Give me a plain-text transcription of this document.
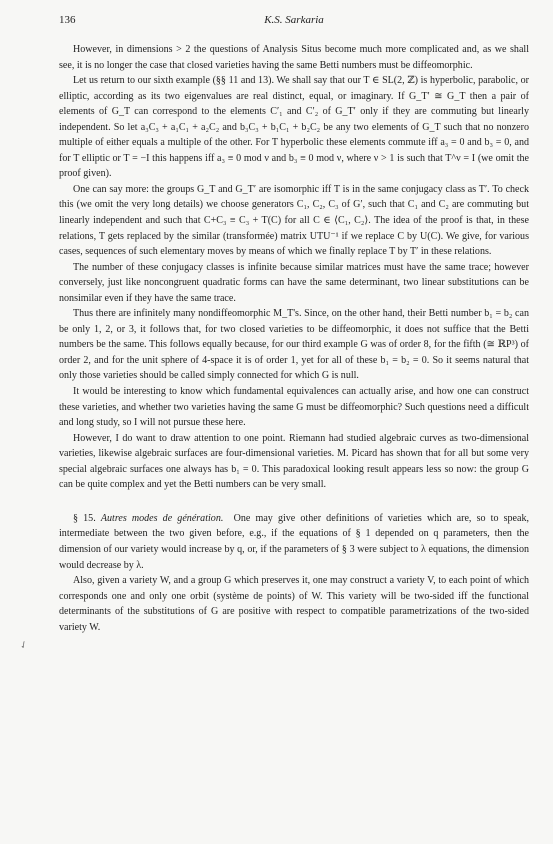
136	K.S. Sarkaria

However, in dimensions > 2 the questions of Analysis Situs become much more complicated and, as we shall see, it is no longer the case that closed varieties having the same Betti numbers must be diffeomorphic.

Let us return to our sixth example (§§ 11 and 13). We shall say that our T ∈ SL(2, ℤ) is hyperbolic, parabolic, or elliptic, according as its two eigenvalues are real distinct, equal, or imaginary. If G_T′ ≅ G_T then a pair of elements of G_T can correspond to the elements C′₁ and C′₂ of G_T′ only if they are commuting but linearly independent. So let a₃C₃ + a₁C₁ + a₂C₂ and b₃C₃ + b₁C₁ + b₂C₂ be any two elements of G_T such that no nonzero multiple of either equals a multiple of the other. For T hyperbolic these elements commute iff a₃ = 0 and b₃ = 0, and for T elliptic or T = −I this happens iff a₃ ≡ 0 mod ν and b₃ ≡ 0 mod ν, where ν > 1 is such that T^ν = I (we omit the proof given).

One can say more: the groups G_T and G_T′ are isomorphic iff T is in the same conjugacy class as T′. To check this (we omit the very long details) we choose generators C₁, C₂, C₃ of G′, such that C₁ and C₂ are commuting but linearly independent and such that C+C₃ ≡ C₃ + T(C) for all C ∈ ⟨C₁, C₂⟩. The idea of the proof is that, in these relations, T gets replaced by the similar (transformée) matrix UTU⁻¹ if we replace C by U(C). We give, for various cases, sequences of such elementary moves by means of which we finally replace T by T′ in these relations.

The number of these conjugacy classes is infinite because similar matrices must have the same trace; however conversely, just like noncongruent quadratic forms can have the same determinant, two linear substitutions can be nonsimilar even if they have the same trace.

Thus there are infinitely many nondiffeomorphic M_T's. Since, on the other hand, their Betti number b₁ = b₂ can be only 1, 2, or 3, it follows that, for two closed varieties to be diffeomorphic, it does not suffice that the Betti numbers be the same. This follows equally because, for our third example G was of order 8, for the fifth (≅ ℝP³) of order 2, and for the unit sphere of 4-space it is of order 1, yet for all of these b₁ = b₂ = 0. So it seems natural that only those varieties should be called simply connected for which G is null.

It would be interesting to know which fundamental equivalences can actually arise, and how one can construct these varieties, and whether two varieties having the same G must be diffeomorphic? Such questions need a difficult and long study, so I will not pursue these here.

However, I do want to draw attention to one point. Riemann had studied algebraic curves as two-dimensional varieties, likewise algebraic surfaces are four-dimensional varieties. M. Picard has shown that for all but some very special algebraic surfaces one always has b₁ = 0. This paradoxical looking result appears less so now: the group G can be quite complex and yet the Betti numbers can be very small.

§ 15. Autres modes de génération. One may give other definitions of varieties which are, so to speak, intermediate between the two given before, e.g., if the equations of § 1 depended on q parameters, then the dimension of our variety would increase by q, or, if the parameters of § 3 were subject to λ equations, the dimension would decrease by λ.

Also, given a variety W, and a group G which preserves it, one may construct a variety V, to each point of which corresponds one and only one orbit (système de points) of W. This variety will be two-sided iff the functional determinants of the substitutions of G are positive with respect to compatible parametrizations of the two-sided variety W.

✓
